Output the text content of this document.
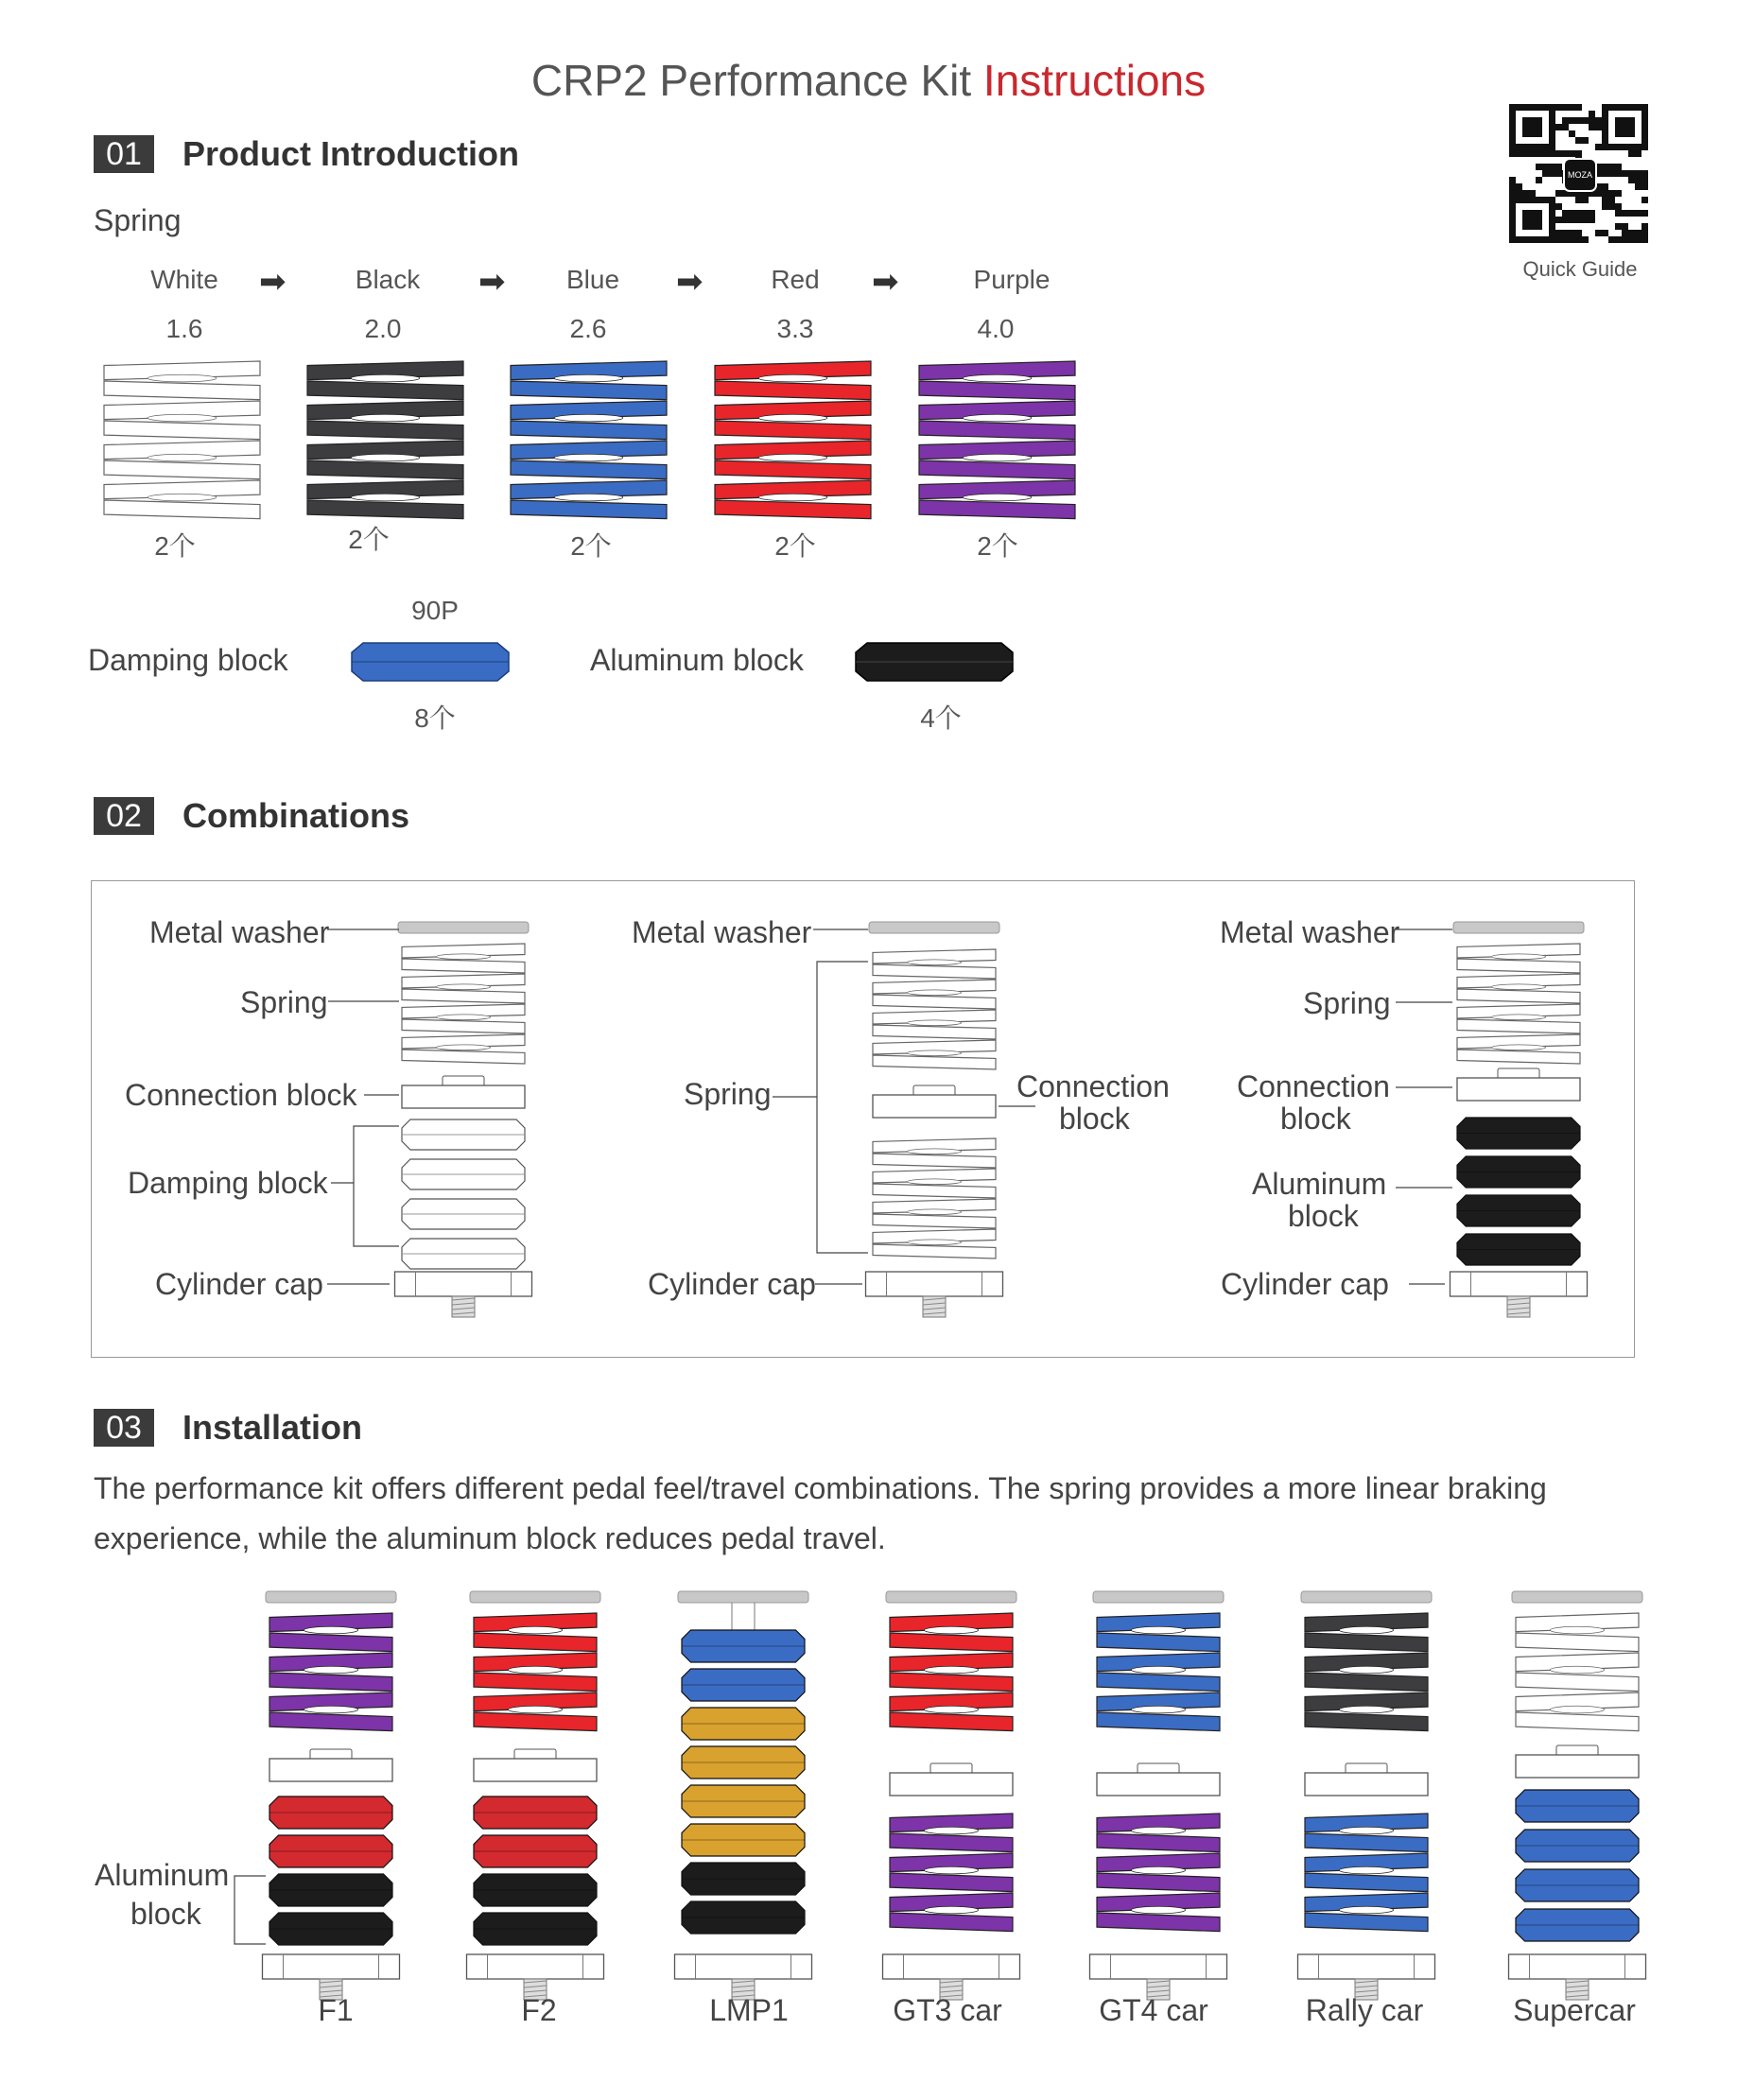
CRP2 Performance Kit Instructions
MOZA
Quick Guide
01	Product Introduction
Spring
White	Black	Blue	Red	Purple
➡	➡	➡	➡
1.6	2.0	2.6	3.3	4.0
2个	2个	2个	2个	2个
Damping block
90P
8个
Aluminum block
4个
02	Combinations
Metal washer
Spring
Connection block
Damping block
Cylinder cap
Metal washer
Spring	Connection
block
Cylinder cap
Metal washer
Spring
Connection
block
Aluminum
block
Cylinder cap
03	Installation
The performance kit offers different pedal feel/travel combinations. The spring provides a more linear braking experience, while the aluminum block reduces pedal travel.
Aluminum
block
F1	F2	LMP1	GT3 car	GT4 car	Rally car	Supercar
